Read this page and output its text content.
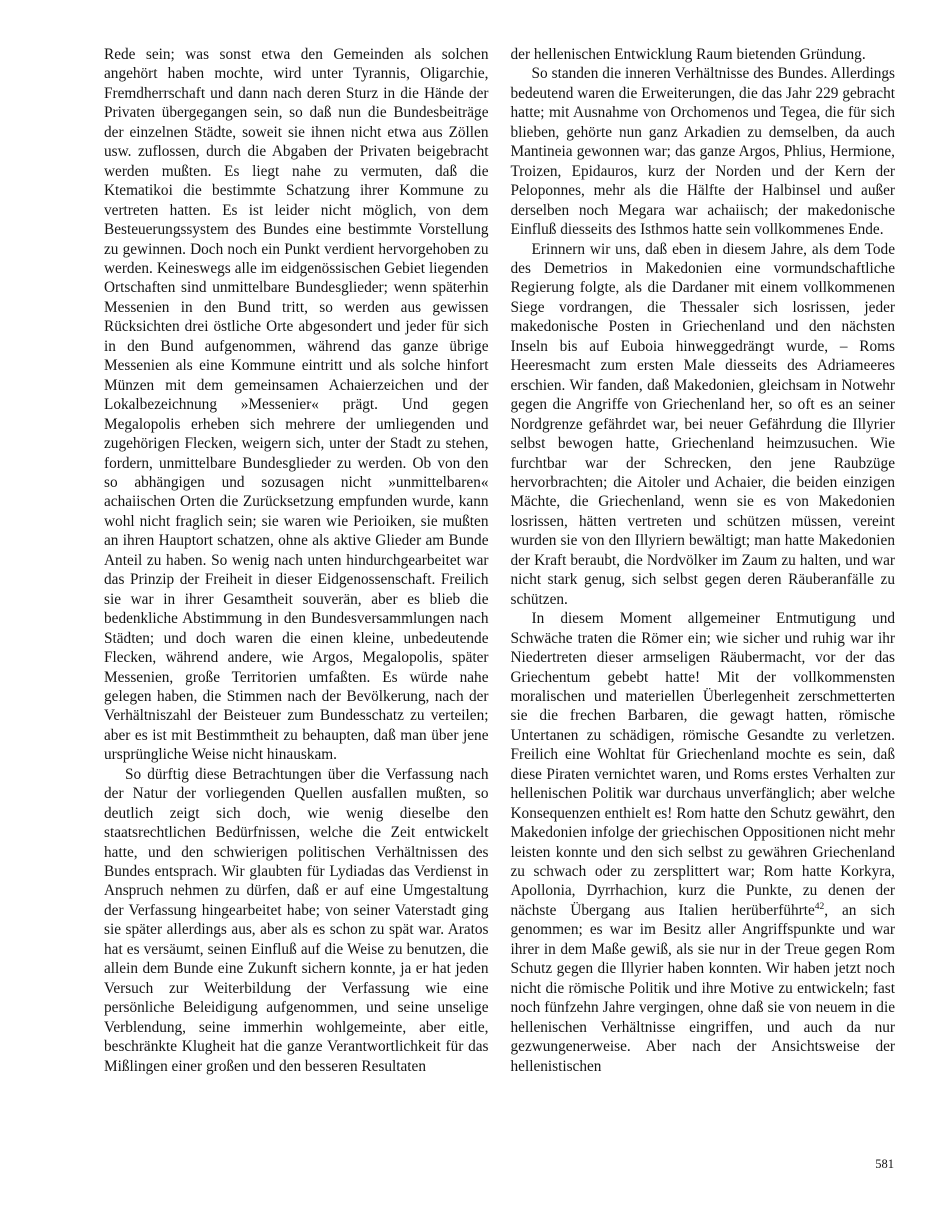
Rede sein; was sonst etwa den Gemeinden als solchen angehört haben mochte, wird unter Tyrannis, Oligarchie, Fremdherrschaft und dann nach deren Sturz in die Hände der Privaten übergegangen sein, so daß nun die Bundesbeiträge der einzelnen Städte, soweit sie ihnen nicht etwa aus Zöllen usw. zuflossen, durch die Abgaben der Privaten beigebracht werden mußten. Es liegt nahe zu vermuten, daß die Ktematikoi die bestimmte Schatzung ihrer Kommune zu vertreten hatten. Es ist leider nicht möglich, von dem Besteuerungssystem des Bundes eine bestimmte Vorstellung zu gewinnen. Doch noch ein Punkt verdient hervorgehoben zu werden. Keineswegs alle im eidgenössischen Gebiet liegenden Ortschaften sind unmittelbare Bundesglieder; wenn späterhin Messenien in den Bund tritt, so werden aus gewissen Rücksichten drei östliche Orte abgesondert und jeder für sich in den Bund aufgenommen, während das ganze übrige Messenien als eine Kommune eintritt und als solche hinfort Münzen mit dem gemeinsamen Achaierzeichen und der Lokalbezeichnung »Messenier« prägt. Und gegen Megalopolis erheben sich mehrere der umliegenden und zugehörigen Flecken, weigern sich, unter der Stadt zu stehen, fordern, unmittelbare Bundesglieder zu werden. Ob von den so abhängigen und sozusagen nicht »unmittelbaren« achaiischen Orten die Zurücksetzung empfunden wurde, kann wohl nicht fraglich sein; sie waren wie Perioiken, sie mußten an ihren Hauptort schatzen, ohne als aktive Glieder am Bunde Anteil zu haben. So wenig nach unten hindurchgearbeitet war das Prinzip der Freiheit in dieser Eidgenossenschaft. Freilich sie war in ihrer Gesamtheit souverän, aber es blieb die bedenkliche Abstimmung in den Bundesversammlungen nach Städten; und doch waren die einen kleine, unbedeutende Flecken, während andere, wie Argos, Megalopolis, später Messenien, große Territorien umfaßten. Es würde nahe gelegen haben, die Stimmen nach der Bevölkerung, nach der Verhältniszahl der Beisteuer zum Bundesschatz zu verteilen; aber es ist mit Bestimmtheit zu behaupten, daß man über jene ursprüngliche Weise nicht hinauskam.

So dürftig diese Betrachtungen über die Verfassung nach der Natur der vorliegenden Quellen ausfallen mußten, so deutlich zeigt sich doch, wie wenig dieselbe den staatsrechtlichen Bedürfnissen, welche die Zeit entwickelt hatte, und den schwierigen politischen Verhältnissen des Bundes entsprach. Wir glaubten für Lydiadas das Verdienst in Anspruch nehmen zu dürfen, daß er auf eine Umgestaltung der Verfassung hingearbeitet habe; von seiner Vaterstadt ging sie später allerdings aus, aber als es schon zu spät war. Aratos hat es versäumt, seinen Einfluß auf die Weise zu benutzen, die allein dem Bunde eine Zukunft sichern konnte, ja er hat jeden Versuch zur Weiterbildung der Verfassung wie eine persönliche Beleidigung aufgenommen, und seine unselige Verblendung, seine immerhin wohlgemeinte, aber eitle, beschränkte Klugheit hat die ganze Verantwortlichkeit für das Mißlingen einer großen und den besseren Resultaten

der hellenischen Entwicklung Raum bietenden Gründung.

So standen die inneren Verhältnisse des Bundes. Allerdings bedeutend waren die Erweiterungen, die das Jahr 229 gebracht hatte; mit Ausnahme von Orchomenos und Tegea, die für sich blieben, gehörte nun ganz Arkadien zu demselben, da auch Mantineia gewonnen war; das ganze Argos, Phlius, Hermione, Troizen, Epidauros, kurz der Norden und der Kern der Peloponnes, mehr als die Hälfte der Halbinsel und außer derselben noch Megara war achaiisch; der makedonische Einfluß diesseits des Isthmos hatte sein vollkommenes Ende.

Erinnern wir uns, daß eben in diesem Jahre, als dem Tode des Demetrios in Makedonien eine vormundschaftliche Regierung folgte, als die Dardaner mit einem vollkommenen Siege vordrangen, die Thessaler sich losrissen, jeder makedonische Posten in Griechenland und den nächsten Inseln bis auf Euboia hinweggedrängt wurde, – Roms Heeresmacht zum ersten Male diesseits des Adriameeres erschien. Wir fanden, daß Makedonien, gleichsam in Notwehr gegen die Angriffe von Griechenland her, so oft es an seiner Nordgrenze gefährdet war, bei neuer Gefährdung die Illyrier selbst bewogen hatte, Griechenland heimzusuchen. Wie furchtbar war der Schrecken, den jene Raubzüge hervorbrachten; die Aitoler und Achaier, die beiden einzigen Mächte, die Griechenland, wenn sie es von Makedonien losrissen, hätten vertreten und schützen müssen, vereint wurden sie von den Illyriern bewältigt; man hatte Makedonien der Kraft beraubt, die Nordvölker im Zaum zu halten, und war nicht stark genug, sich selbst gegen deren Räuberanfälle zu schützen.

In diesem Moment allgemeiner Entmutigung und Schwäche traten die Römer ein; wie sicher und ruhig war ihr Niedertreten dieser armseligen Räubermacht, vor der das Griechentum gebebt hatte! Mit der vollkommensten moralischen und materiellen Überlegenheit zerschmetterten sie die frechen Barbaren, die gewagt hatten, römische Untertanen zu schädigen, römische Gesandte zu verletzen. Freilich eine Wohltat für Griechenland mochte es sein, daß diese Piraten vernichtet waren, und Roms erstes Verhalten zur hellenischen Politik war durchaus unverfänglich; aber welche Konsequenzen enthielt es! Rom hatte den Schutz gewährt, den Makedonien infolge der griechischen Oppositionen nicht mehr leisten konnte und den sich selbst zu gewähren Griechenland zu schwach oder zu zersplittert war; Rom hatte Korkyra, Apollonia, Dyrrhachion, kurz die Punkte, zu denen der nächste Übergang aus Italien herüberführte$^{42}$, an sich genommen; es war im Besitz aller Angriffspunkte und war ihrer in dem Maße gewiß, als sie nur in der Treue gegen Rom Schutz gegen die Illyrier haben konnten. Wir haben jetzt noch nicht die römische Politik und ihre Motive zu entwickeln; fast noch fünfzehn Jahre vergingen, ohne daß sie von neuem in die hellenischen Verhältnisse eingriffen, und auch da nur gezwungenerweise. Aber nach der Ansichtsweise der hellenistischen

581
